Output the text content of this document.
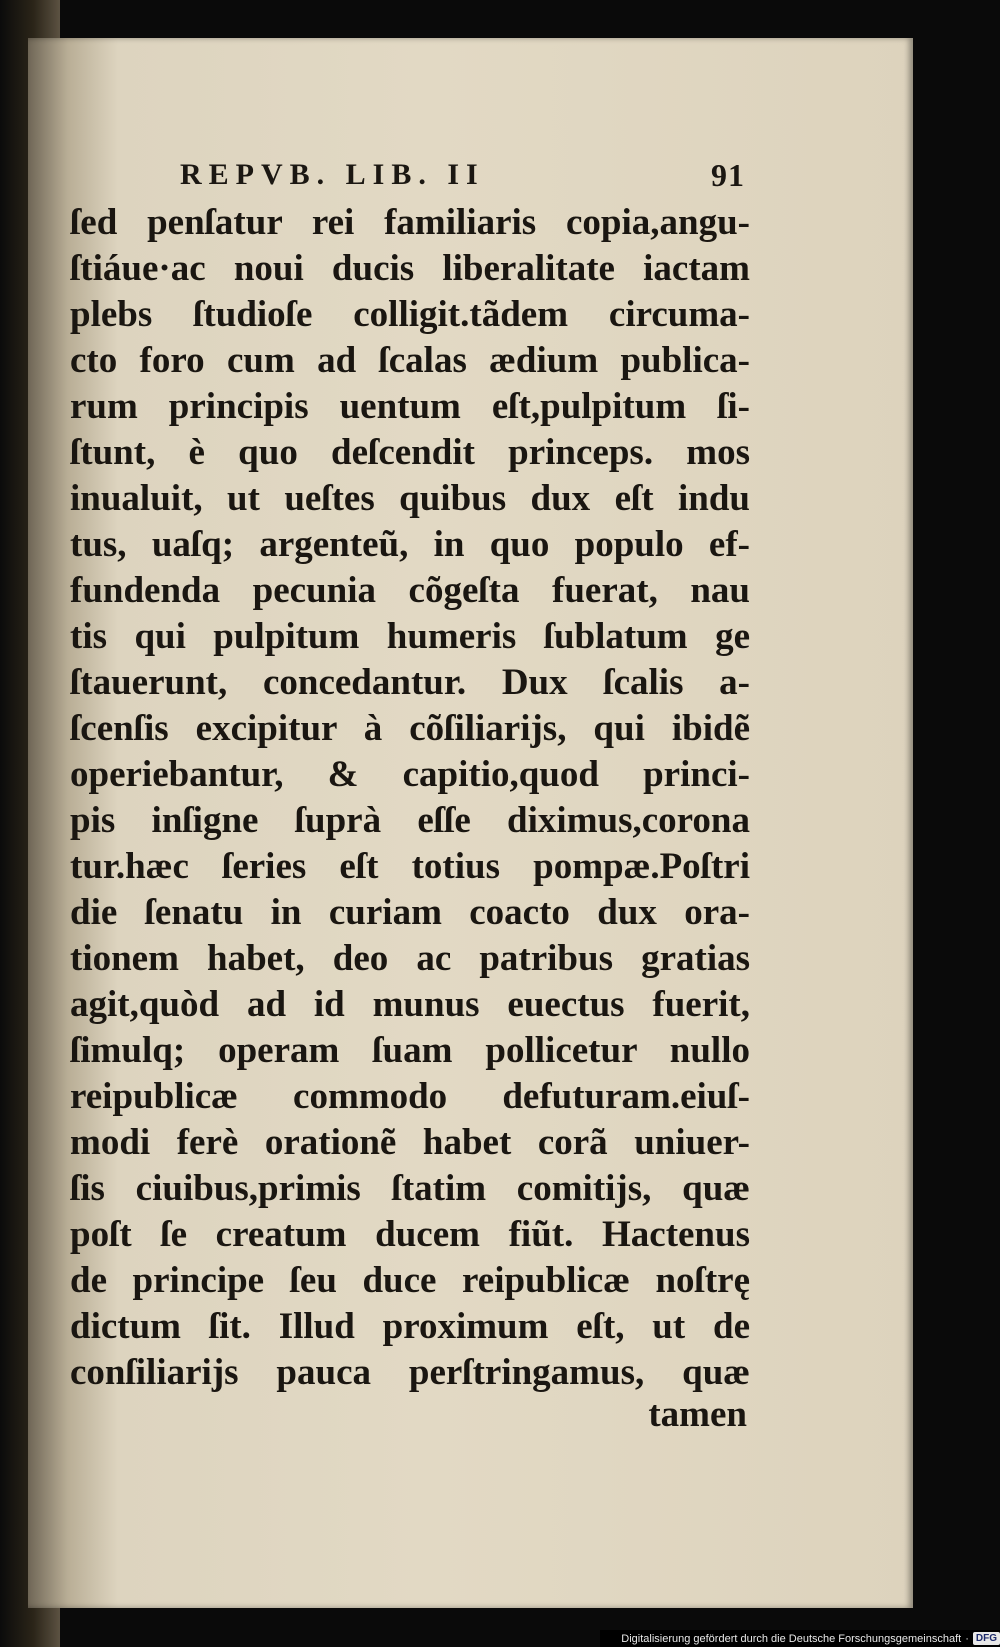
REPVB. LIB. II	91
ſed penſatur rei familiaris copia,angu-
ſtiáue·ac noui ducis liberalitate iactam
plebs ſtudioſe colligit.tãdem circuma-
cto foro cum ad ſcalas ædium publica-
rum principis uentum eſt,pulpitum ſi-
ſtunt, è quo deſcendit princeps. mos
inualuit, ut ueſtes quibus dux eſt indu
tus, uaſq; argenteũ, in quo populo ef-
fundenda pecunia cõgeſta fuerat, nau
tis qui pulpitum humeris ſublatum ge
ſtauerunt, concedantur. Dux ſcalis a-
ſcenſis excipitur à cõſiliarijs, qui ibidẽ
operiebantur, & capitio,quod princi-
pis inſigne ſuprà eſſe diximus,corona
tur.hæc ſeries eſt totius pompæ.Poſtri
die ſenatu in curiam coacto dux ora-
tionem habet, deo ac patribus gratias
agit,quòd ad id munus euectus fuerit,
ſimulq; operam ſuam pollicetur nullo
reipublicæ commodo defuturam.eiuſ-
modi ferè orationẽ habet corã uniuer-
ſis ciuibus,primis ſtatim comitijs, quæ
poſt ſe creatum ducem fiũt. Hactenus
de principe ſeu duce reipublicæ noſtrę
dictum ſit. Illud proximum eſt, ut de
conſiliarijs pauca perſtringamus, quæ
tamen
Digitalisierung gefördert durch die Deutsche Forschungsgemeinschaft · DFG
